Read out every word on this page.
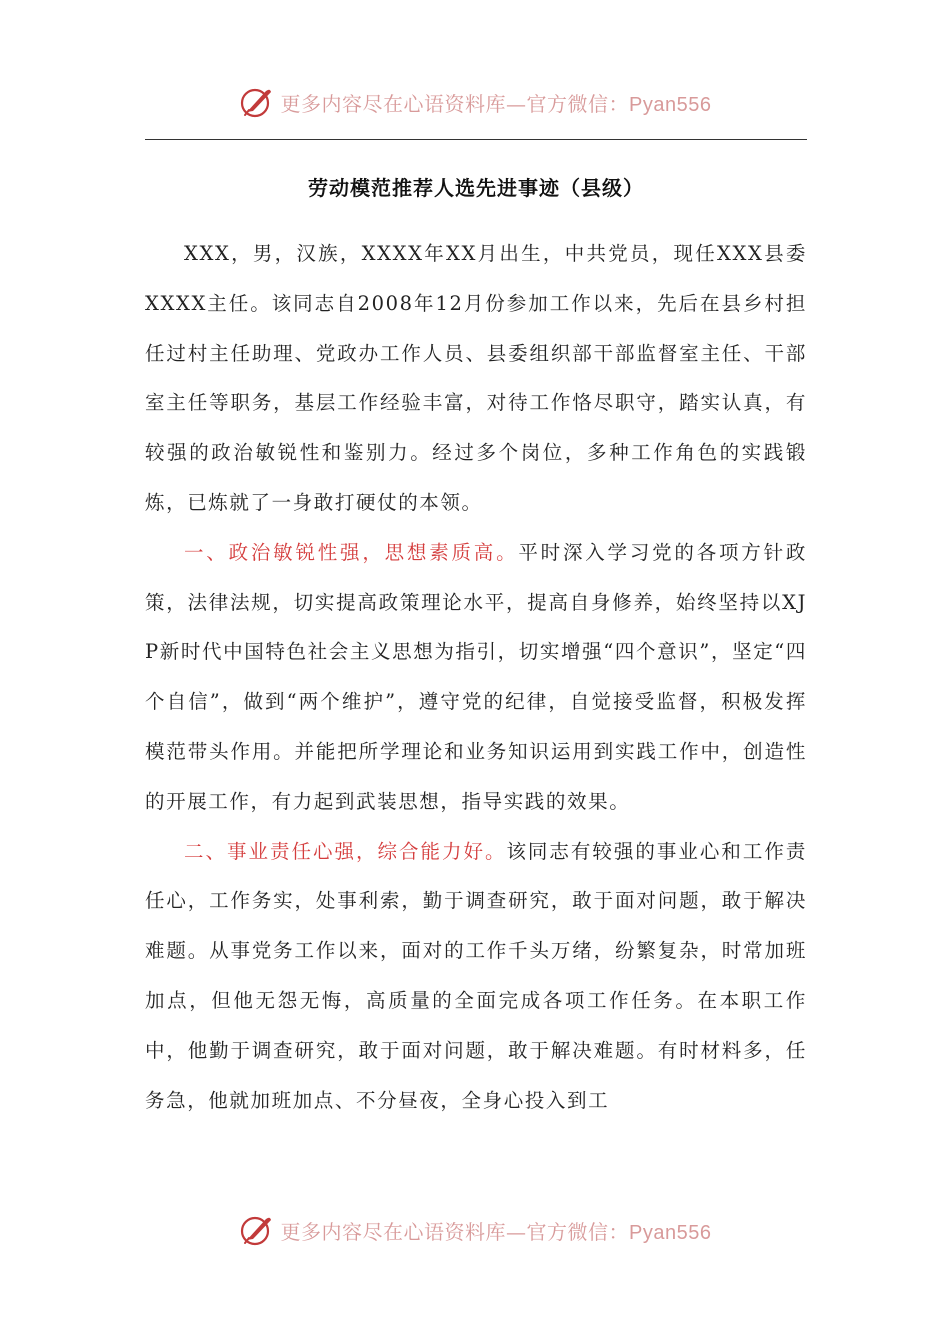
更多内容尽在心语资料库—官方微信：Pyan556
劳动模范推荐人选先进事迹（县级）

XXX，男，汉族，XXXX年XX月出生，中共党员，现任XXX县委XXXX主任。该同志自2008年12月份参加工作以来，先后在县乡村担任过村主任助理、党政办工作人员、县委组织部干部监督室主任、干部室主任等职务，基层工作经验丰富，对待工作恪尽职守，踏实认真，有较强的政治敏锐性和鉴别力。经过多个岗位，多种工作角色的实践锻炼，已炼就了一身敢打硬仗的本领。

一、政治敏锐性强，思想素质高。平时深入学习党的各项方针政策，法律法规，切实提高政策理论水平，提高自身修养，始终坚持以XJP新时代中国特色社会主义思想为指引，切实增强“四个意识”，坚定“四个自信”，做到“两个维护”，遵守党的纪律，自觉接受监督，积极发挥模范带头作用。并能把所学理论和业务知识运用到实践工作中，创造性的开展工作，有力起到武装思想，指导实践的效果。

二、事业责任心强，综合能力好。该同志有较强的事业心和工作责任心，工作务实，处事利索，勤于调查研究，敢于面对问题，敢于解决难题。从事党务工作以来，面对的工作千头万绪，纷繁复杂，时常加班加点，但他无怨无悔，高质量的全面完成各项工作任务。在本职工作中，他勤于调查研究，敢于面对问题，敢于解决难题。有时材料多，任务急，他就加班加点、不分昼夜，全身心投入到工

更多内容尽在心语资料库—官方微信：Pyan556
